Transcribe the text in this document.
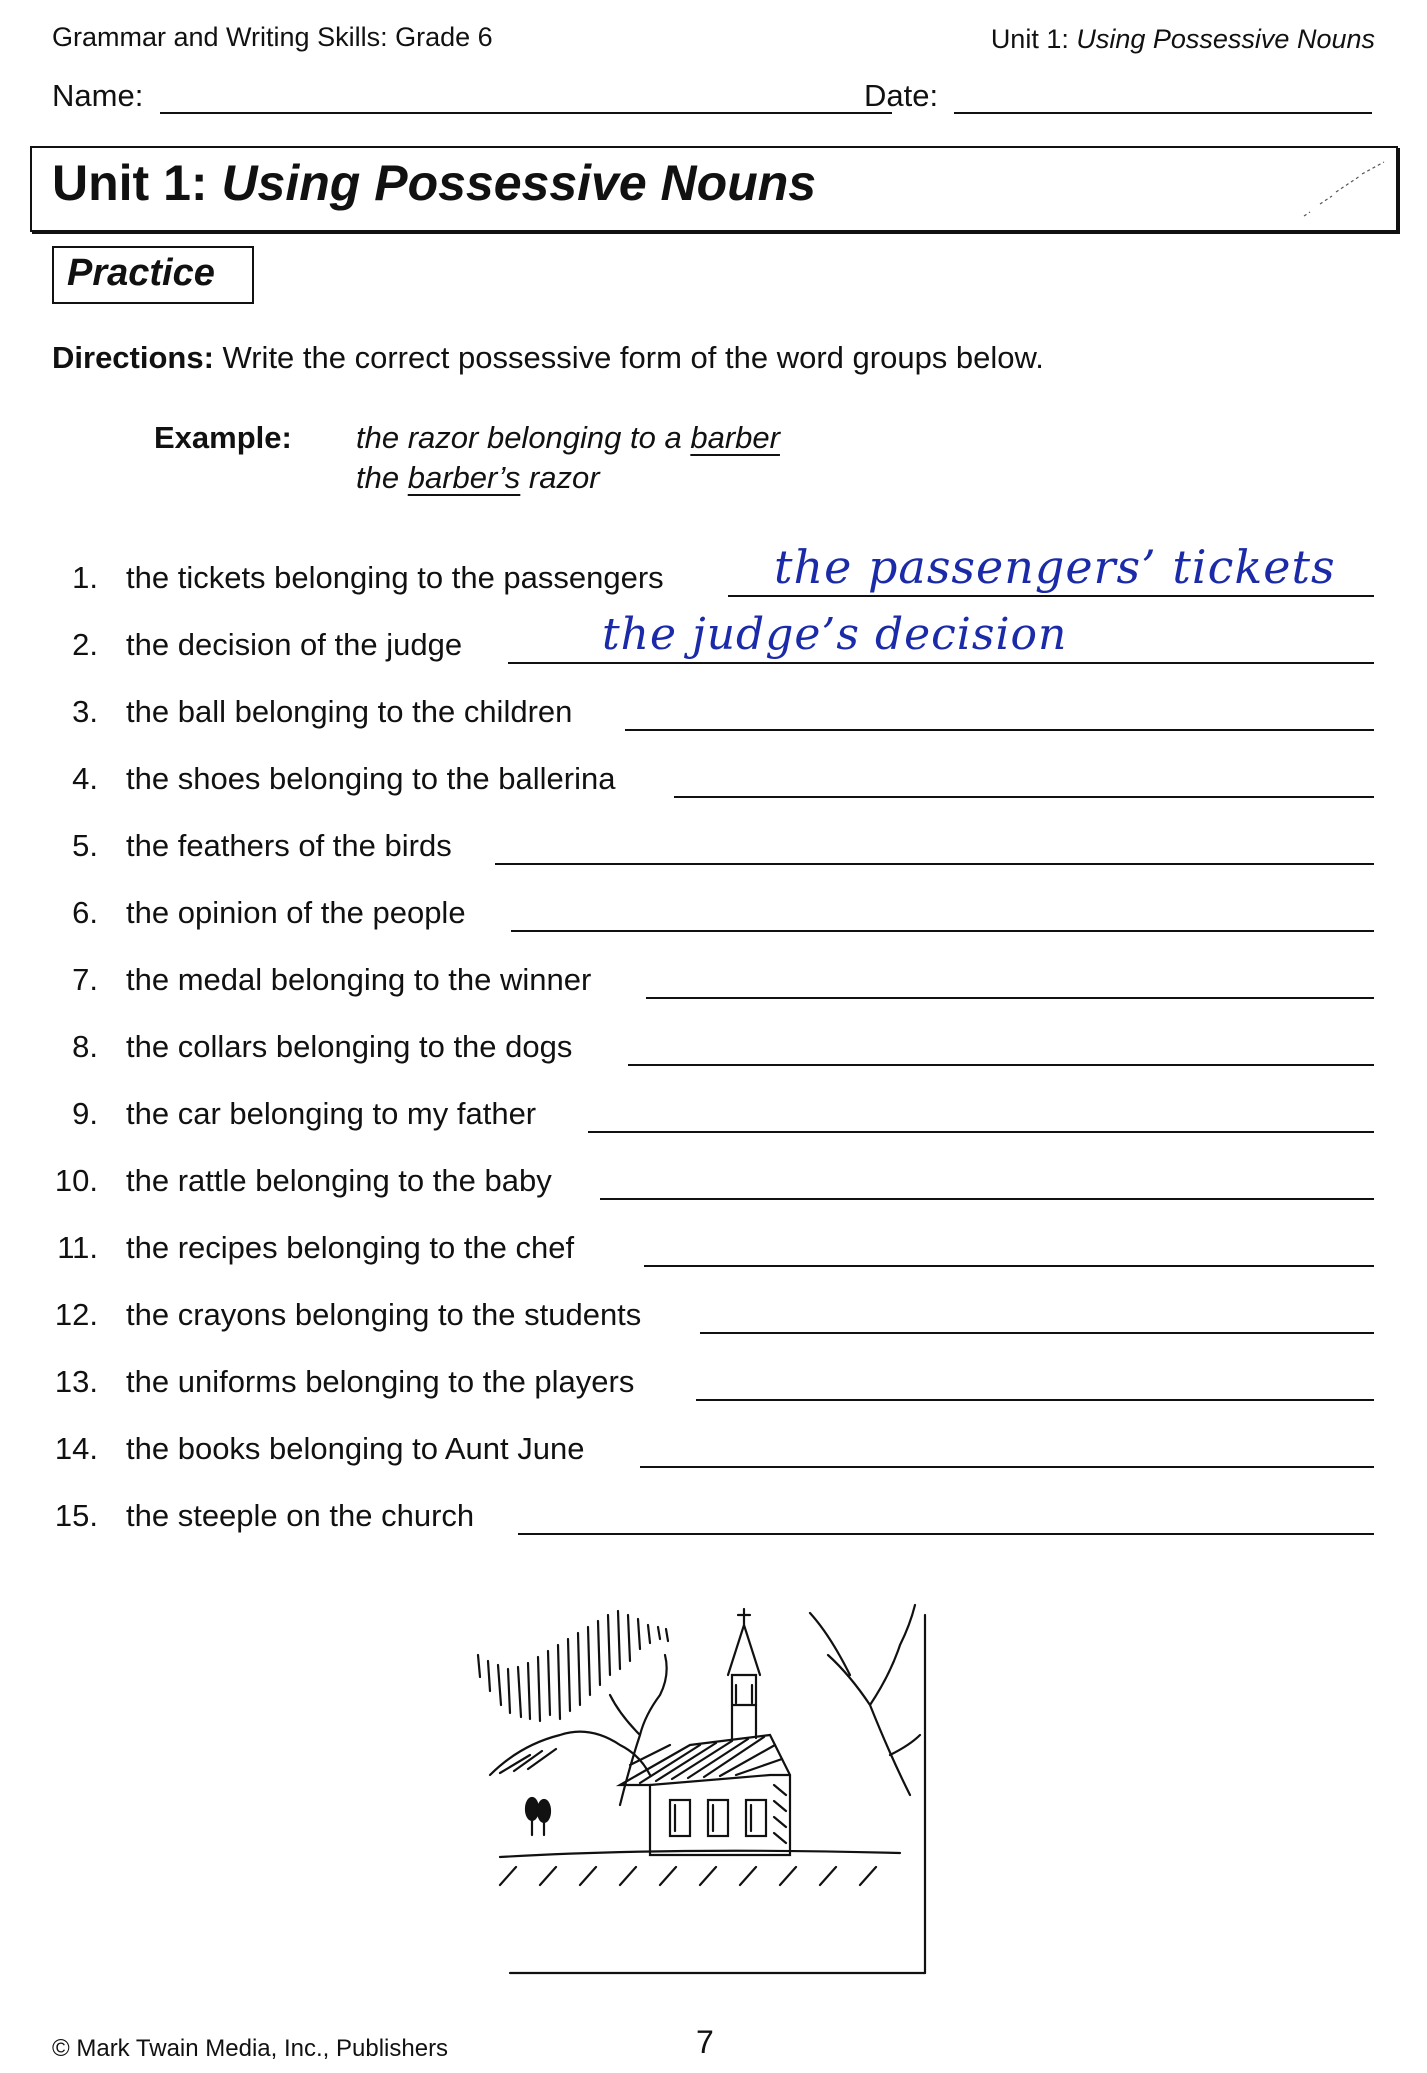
Grammar and Writing Skills: Grade 6	Unit 1: Using Possessive Nouns
Name:	Date:
Unit 1: Using Possessive Nouns
Practice
Directions: Write the correct possessive form of the word groups below.
Example: the razor belonging to a barber
the barber’s razor
1. the tickets belonging to the passengers the passengers’ tickets
2. the decision of the judge	the judge’s decision
3. the ball belonging to the children
4. the shoes belonging to the ballerina
5. the feathers of the birds
6. the opinion of the people
7. the medal belonging to the winner
8. the collars belonging to the dogs
9. the car belonging to my father
10. the rattle belonging to the baby
11. the recipes belonging to the chef
12. the crayons belonging to the students
13. the uniforms belonging to the players
14. the books belonging to Aunt June
15. the steeple on the church
© Mark Twain Media, Inc., Publishers	7
